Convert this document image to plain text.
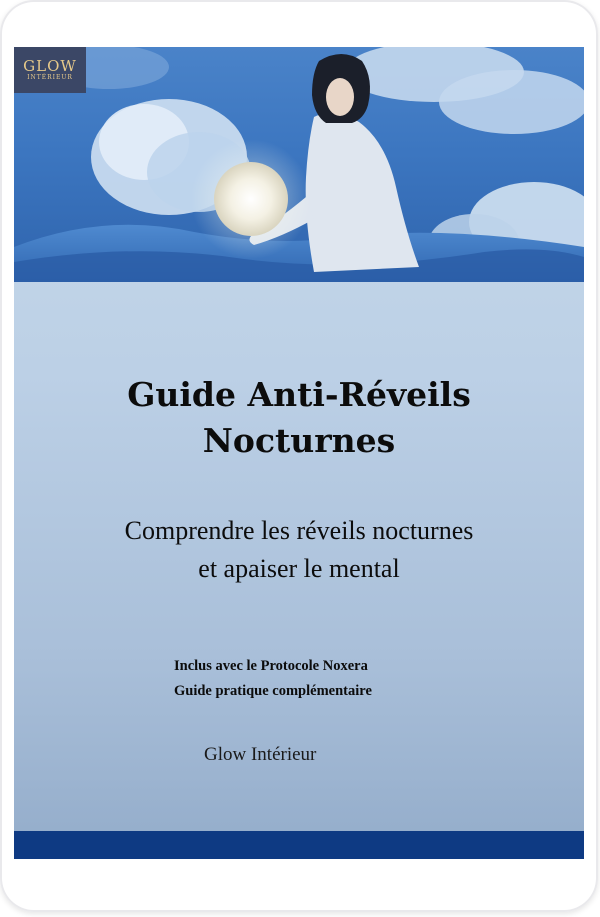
GLOW
INTÉRIEUR
Guide Anti-Réveils
Nocturnes

Comprendre les réveils nocturnes
et apaiser le mental

Inclus avec le Protocole Noxera
Guide pratique complémentaire
Glow Intérieur
